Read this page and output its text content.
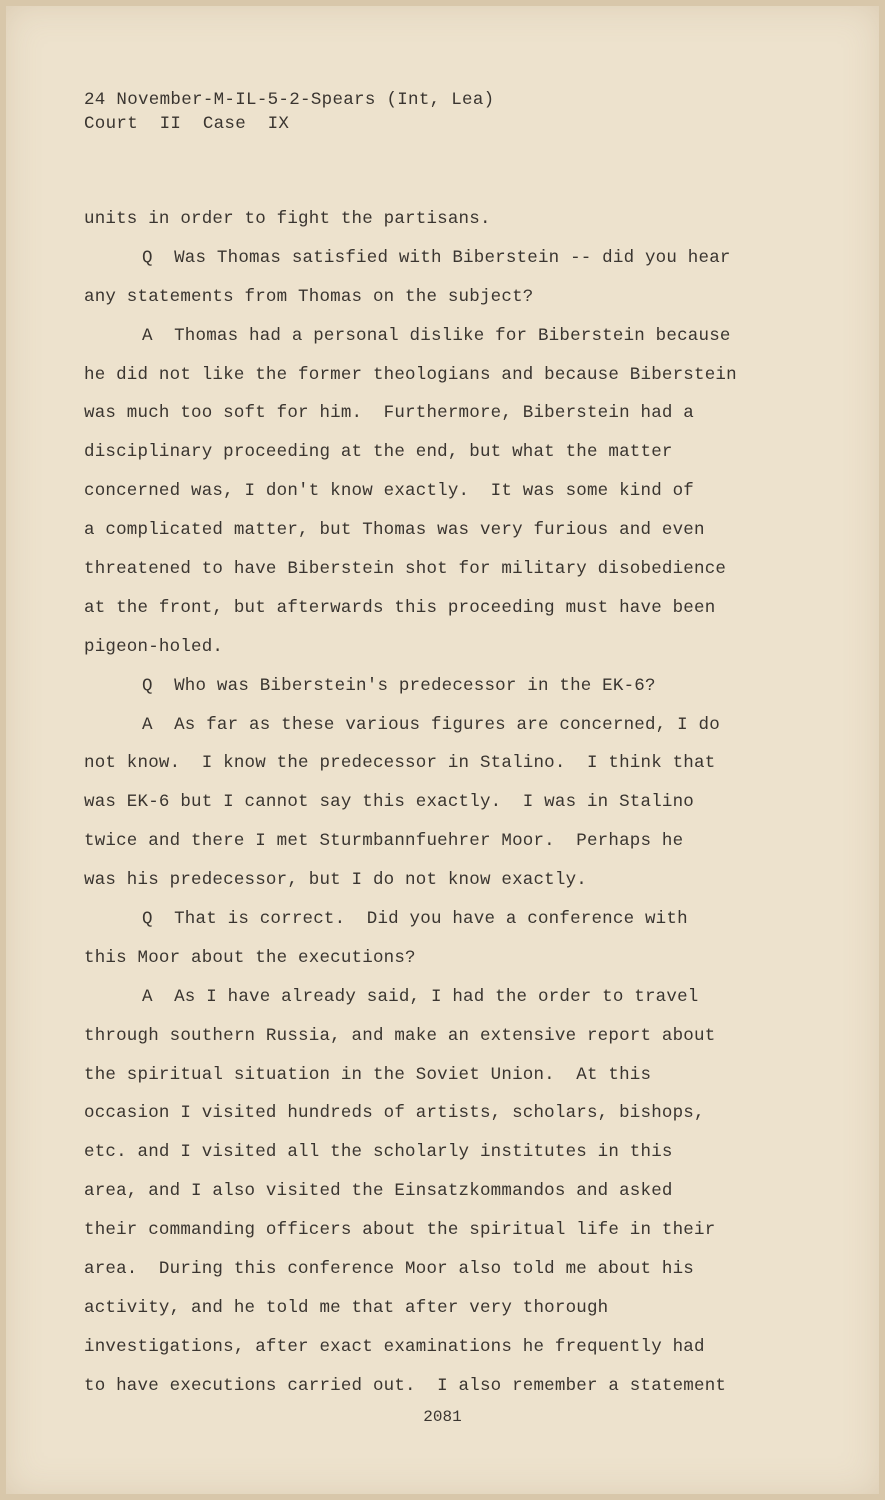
24 November-M-IL-5-2-Spears (Int, Lea)
Court  II  Case  IX
units in order to fight the partisans.
Q  Was Thomas satisfied with Biberstein -- did you hear
any statements from Thomas on the subject?
A  Thomas had a personal dislike for Biberstein because
he did not like the former theologians and because Biberstein
was much too soft for him.  Furthermore, Biberstein had a
disciplinary proceeding at the end, but what the matter
concerned was, I don't know exactly.  It was some kind of
a complicated matter, but Thomas was very furious and even
threatened to have Biberstein shot for military disobedience
at the front, but afterwards this proceeding must have been
pigeon-holed.
Q  Who was Biberstein's predecessor in the EK-6?
A  As far as these various figures are concerned, I do
not know.  I know the predecessor in Stalino.  I think that
was EK-6 but I cannot say this exactly.  I was in Stalino
twice and there I met Sturmbannfuehrer Moor.  Perhaps he
was his predecessor, but I do not know exactly.
Q  That is correct.  Did you have a conference with
this Moor about the executions?
A  As I have already said, I had the order to travel
through southern Russia, and make an extensive report about
the spiritual situation in the Soviet Union.  At this
occasion I visited hundreds of artists, scholars, bishops,
etc. and I visited all the scholarly institutes in this
area, and I also visited the Einsatzkommandos and asked
their commanding officers about the spiritual life in their
area.  During this conference Moor also told me about his
activity, and he told me that after very thorough
investigations, after exact examinations he frequently had
to have executions carried out.  I also remember a statement
2081
